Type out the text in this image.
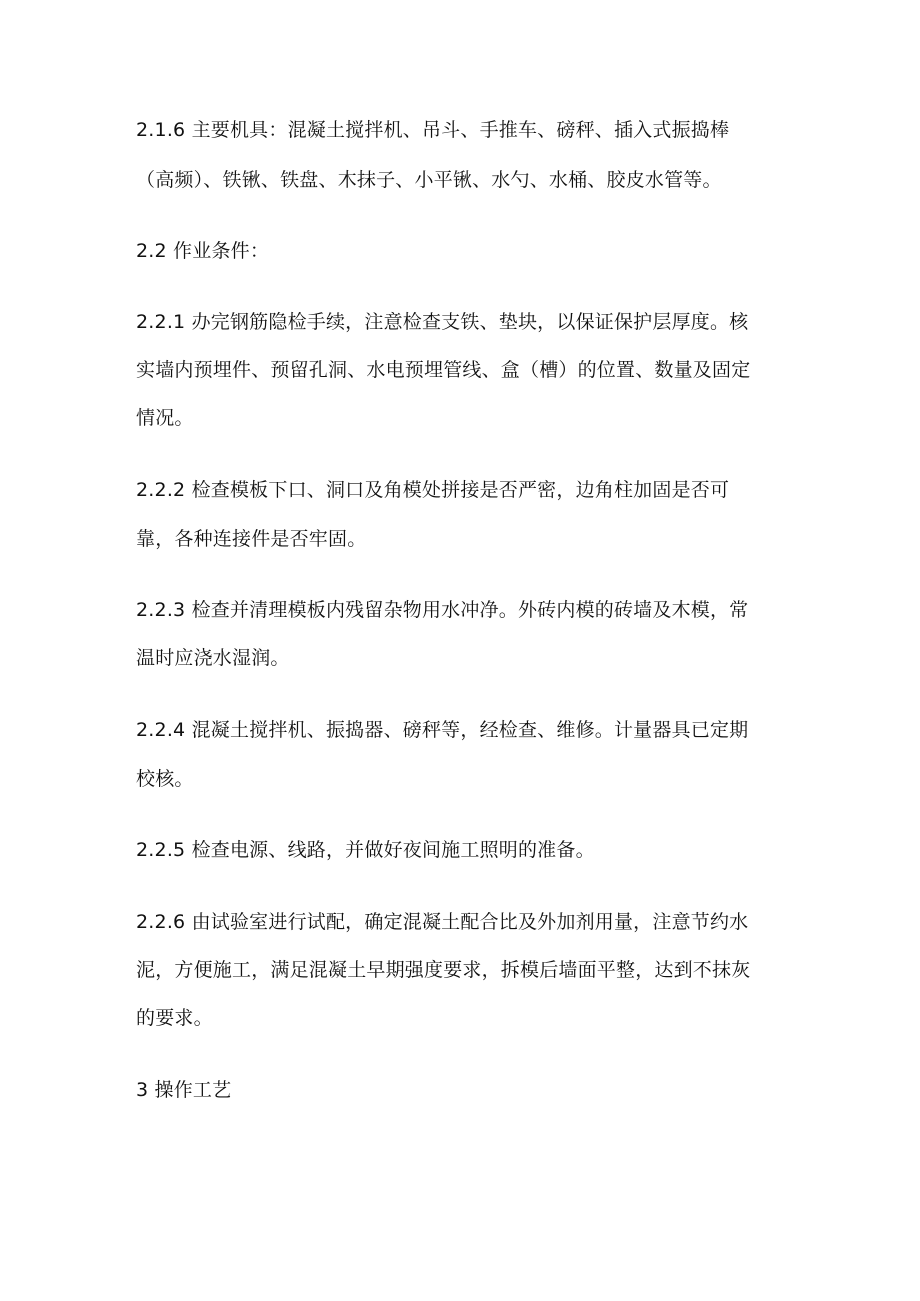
2.1.6 主要机具：混凝土搅拌机、吊斗、手推车、磅秤、插入式振捣棒
（高频）、铁锹、铁盘、木抹子、小平锹、水勺、水桶、胶皮水管等。
2.2 作业条件：
2.2.1 办完钢筋隐检手续，注意检查支铁、垫块，以保证保护层厚度。核
实墙内预埋件、预留孔洞、水电预埋管线、盒（槽）的位置、数量及固定
情况。
2.2.2 检查模板下口、洞口及角模处拼接是否严密，边角柱加固是否可
靠，各种连接件是否牢固。
2.2.3 检查并清理模板内残留杂物用水冲净。外砖内模的砖墙及木模，常
温时应浇水湿润。
2.2.4 混凝土搅拌机、振捣器、磅秤等，经检查、维修。计量器具已定期
校核。
2.2.5 检查电源、线路，并做好夜间施工照明的准备。
2.2.6 由试验室进行试配，确定混凝土配合比及外加剂用量，注意节约水
泥，方便施工，满足混凝土早期强度要求，拆模后墙面平整，达到不抹灰
的要求。
3 操作工艺
